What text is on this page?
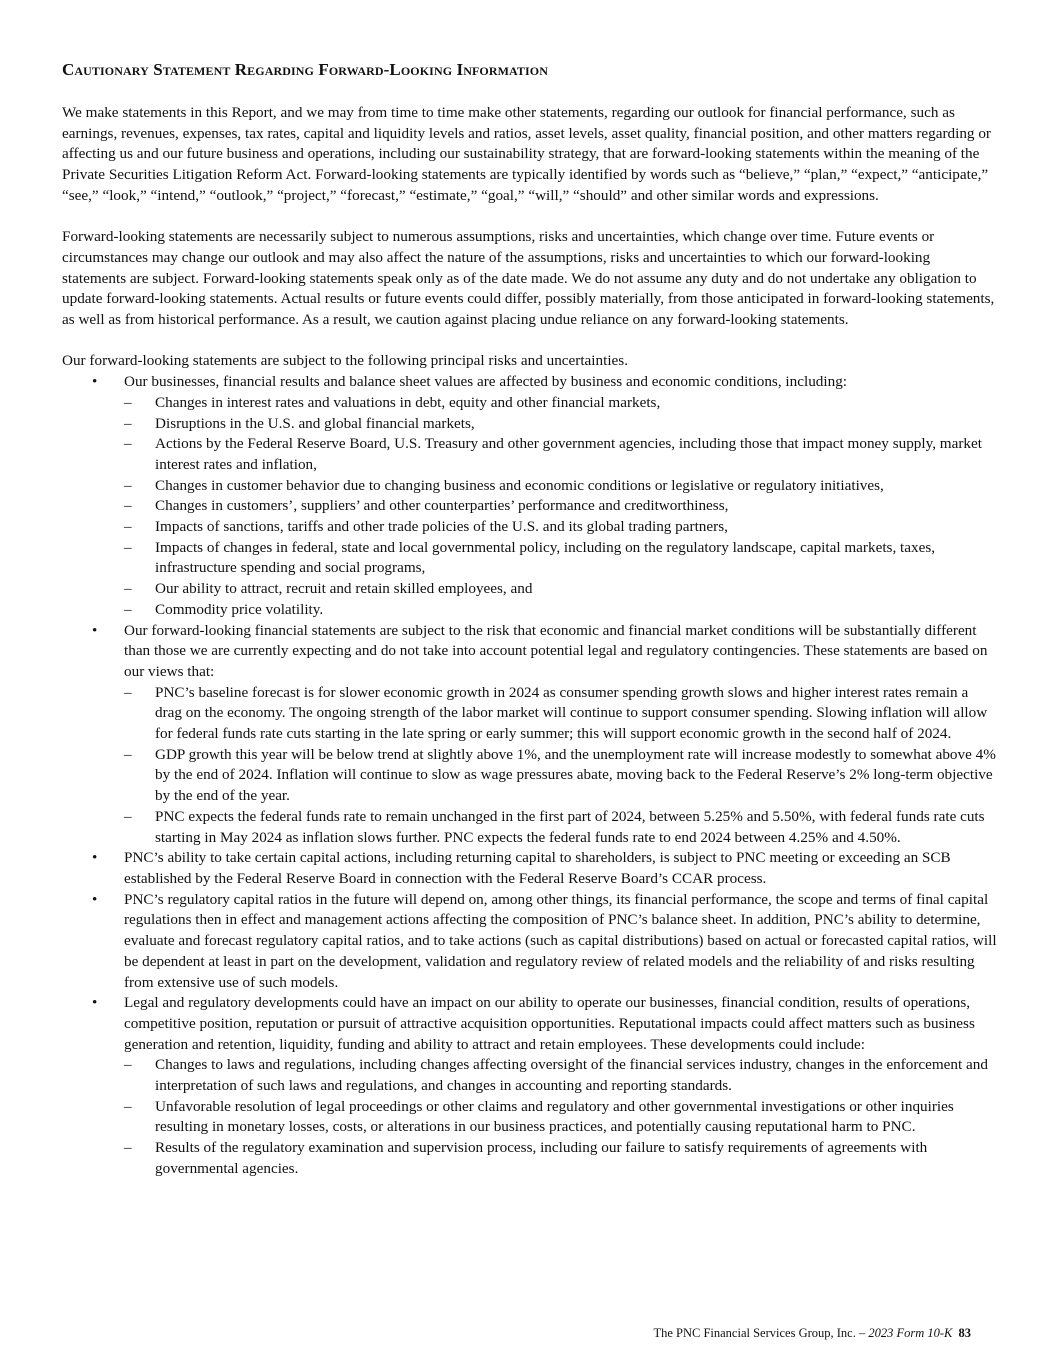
Cautionary Statement Regarding Forward-Looking Information

We make statements in this Report, and we may from time to time make other statements, regarding our outlook for financial performance, such as earnings, revenues, expenses, tax rates, capital and liquidity levels and ratios, asset levels, asset quality, financial position, and other matters regarding or affecting us and our future business and operations, including our sustainability strategy, that are forward-looking statements within the meaning of the Private Securities Litigation Reform Act. Forward-looking statements are typically identified by words such as “believe,” “plan,” “expect,” “anticipate,” “see,” “look,” “intend,” “outlook,” “project,” “forecast,” “estimate,” “goal,” “will,” “should” and other similar words and expressions.

Forward-looking statements are necessarily subject to numerous assumptions, risks and uncertainties, which change over time. Future events or circumstances may change our outlook and may also affect the nature of the assumptions, risks and uncertainties to which our forward-looking statements are subject. Forward-looking statements speak only as of the date made. We do not assume any duty and do not undertake any obligation to update forward-looking statements. Actual results or future events could differ, possibly materially, from those anticipated in forward-looking statements, as well as from historical performance. As a result, we caution against placing undue reliance on any forward-looking statements.

Our forward-looking statements are subject to the following principal risks and uncertainties.

• Our businesses, financial results and balance sheet values are affected by business and economic conditions, including:
– Changes in interest rates and valuations in debt, equity and other financial markets,
– Disruptions in the U.S. and global financial markets,
– Actions by the Federal Reserve Board, U.S. Treasury and other government agencies, including those that impact money supply, market interest rates and inflation,
– Changes in customer behavior due to changing business and economic conditions or legislative or regulatory initiatives,
– Changes in customers’, suppliers’ and other counterparties’ performance and creditworthiness,
– Impacts of sanctions, tariffs and other trade policies of the U.S. and its global trading partners,
– Impacts of changes in federal, state and local governmental policy, including on the regulatory landscape, capital markets, taxes, infrastructure spending and social programs,
– Our ability to attract, recruit and retain skilled employees, and
– Commodity price volatility.
• Our forward-looking financial statements are subject to the risk that economic and financial market conditions will be substantially different than those we are currently expecting and do not take into account potential legal and regulatory contingencies. These statements are based on our views that:
– PNC’s baseline forecast is for slower economic growth in 2024 as consumer spending growth slows and higher interest rates remain a drag on the economy. The ongoing strength of the labor market will continue to support consumer spending. Slowing inflation will allow for federal funds rate cuts starting in the late spring or early summer; this will support economic growth in the second half of 2024.
– GDP growth this year will be below trend at slightly above 1%, and the unemployment rate will increase modestly to somewhat above 4% by the end of 2024. Inflation will continue to slow as wage pressures abate, moving back to the Federal Reserve’s 2% long-term objective by the end of the year.
– PNC expects the federal funds rate to remain unchanged in the first part of 2024, between 5.25% and 5.50%, with federal funds rate cuts starting in May 2024 as inflation slows further. PNC expects the federal funds rate to end 2024 between 4.25% and 4.50%.
• PNC’s ability to take certain capital actions, including returning capital to shareholders, is subject to PNC meeting or exceeding an SCB established by the Federal Reserve Board in connection with the Federal Reserve Board’s CCAR process.
• PNC’s regulatory capital ratios in the future will depend on, among other things, its financial performance, the scope and terms of final capital regulations then in effect and management actions affecting the composition of PNC’s balance sheet. In addition, PNC’s ability to determine, evaluate and forecast regulatory capital ratios, and to take actions (such as capital distributions) based on actual or forecasted capital ratios, will be dependent at least in part on the development, validation and regulatory review of related models and the reliability of and risks resulting from extensive use of such models.
• Legal and regulatory developments could have an impact on our ability to operate our businesses, financial condition, results of operations, competitive position, reputation or pursuit of attractive acquisition opportunities. Reputational impacts could affect matters such as business generation and retention, liquidity, funding and ability to attract and retain employees. These developments could include:
– Changes to laws and regulations, including changes affecting oversight of the financial services industry, changes in the enforcement and interpretation of such laws and regulations, and changes in accounting and reporting standards.
– Unfavorable resolution of legal proceedings or other claims and regulatory and other governmental investigations or other inquiries resulting in monetary losses, costs, or alterations in our business practices, and potentially causing reputational harm to PNC.
– Results of the regulatory examination and supervision process, including our failure to satisfy requirements of agreements with governmental agencies.
The PNC Financial Services Group, Inc. – 2023 Form 10-K 83
